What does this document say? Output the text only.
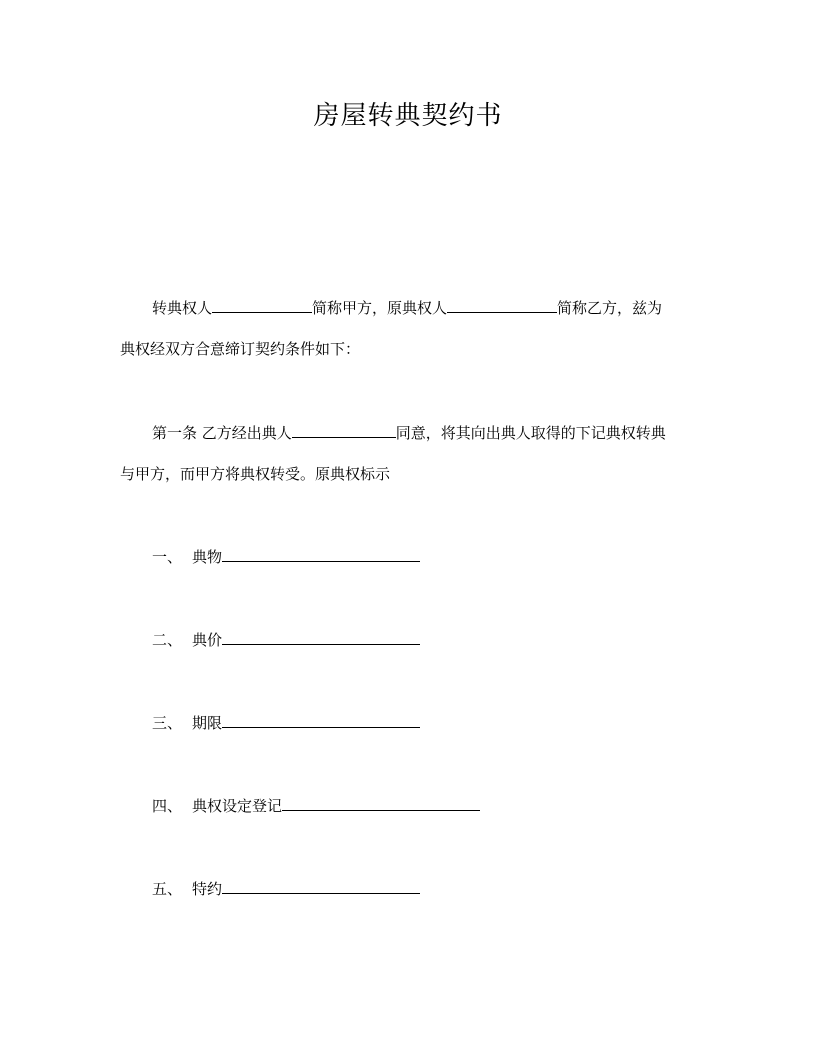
房屋转典契约书
转典权人	简称甲方，原典权人	简称乙方，兹为
典权经双方合意缔订契约条件如下：
第一条 乙方经出典人	同意，将其向出典人取得的下记典权转典
与甲方，而甲方将典权转受。原典权标示
一、 典物
二、 典价
三、 期限
四、 典权设定登记
五、 特约
